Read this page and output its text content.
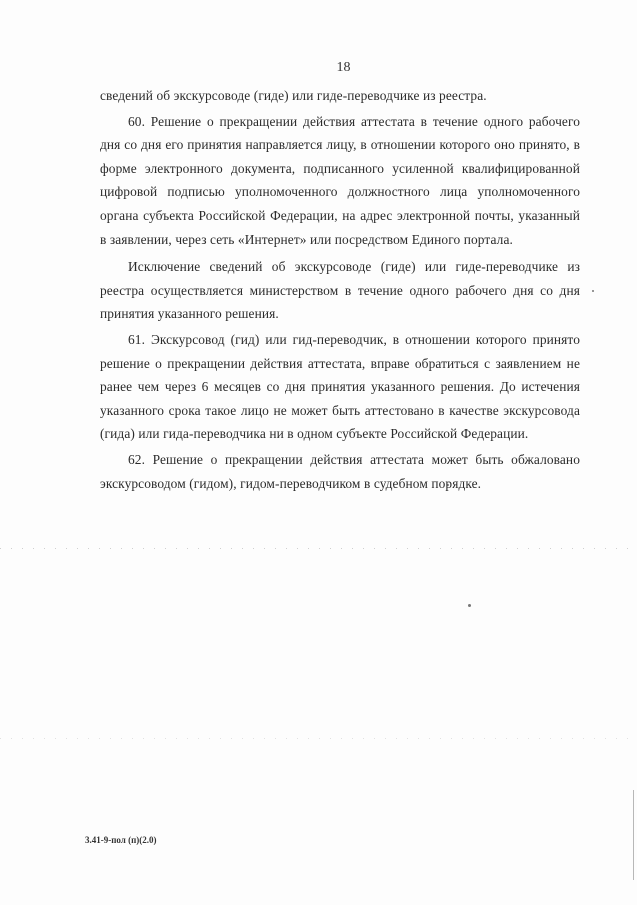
18

сведений об экскурсоводе (гиде) или гиде-переводчике из реестра.

60. Решение о прекращении действия аттестата в течение одного рабочего дня со дня его принятия направляется лицу, в отношении которого оно принято, в форме электронного документа, подписанного усиленной квалифицированной цифровой подписью уполномоченного должностного лица уполномоченного органа субъекта Российской Федерации, на адрес электронной почты, указанный в заявлении, через сеть «Интернет» или посредством Единого портала.

Исключение сведений об экскурсоводе (гиде) или гиде-переводчике из реестра осуществляется министерством в течение одного рабочего дня со дня принятия указанного решения.

61. Экскурсовод (гид) или гид-переводчик, в отношении которого принято решение о прекращении действия аттестата, вправе обратиться с заявлением не ранее чем через 6 месяцев со дня принятия указанного решения. До истечения указанного срока такое лицо не может быть аттестовано в качестве экскурсовода (гида) или гида-переводчика ни в одном субъекте Российской Федерации.

62. Решение о прекращении действия аттестата может быть обжаловано экскурсоводом (гидом), гидом-переводчиком в судебном порядке.

3.41-9-пол (п)(2.0)
